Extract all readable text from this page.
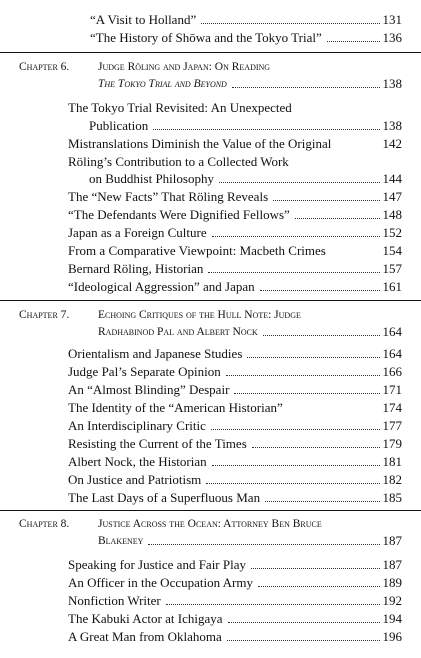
“A Visit to Holland”	131
“The History of Shōwa and the Tokyo Trial”	136
Chapter 6. Judge Röling and Japan: On Reading
The Tokyo Trial and Beyond	138
The Tokyo Trial Revisited: An Unexpected
Publication	138
Mistranslations Diminish the Value of the Original	142
Röling’s Contribution to a Collected Work
on Buddhist Philosophy	144
The “New Facts” That Röling Reveals	147
“The Defendants Were Dignified Fellows”	148
Japan as a Foreign Culture	152
From a Comparative Viewpoint: Macbeth Crimes	154
Bernard Röling, Historian	157
“Ideological Aggression” and Japan	161
Chapter 7. Echoing Critiques of the Hull Note: Judge
Radhabinod Pal and Albert Nock	164
Orientalism and Japanese Studies	164
Judge Pal’s Separate Opinion	166
An “Almost Blinding” Despair	171
The Identity of the “American Historian”	174
An Interdisciplinary Critic	177
Resisting the Current of the Times	179
Albert Nock, the Historian	181
On Justice and Patriotism	182
The Last Days of a Superfluous Man	185
Chapter 8. Justice Across the Ocean: Attorney Ben Bruce
Blakeney	187
Speaking for Justice and Fair Play	187
An Officer in the Occupation Army	189
Nonfiction Writer	192
The Kabuki Actor at Ichigaya	194
A Great Man from Oklahoma	196
